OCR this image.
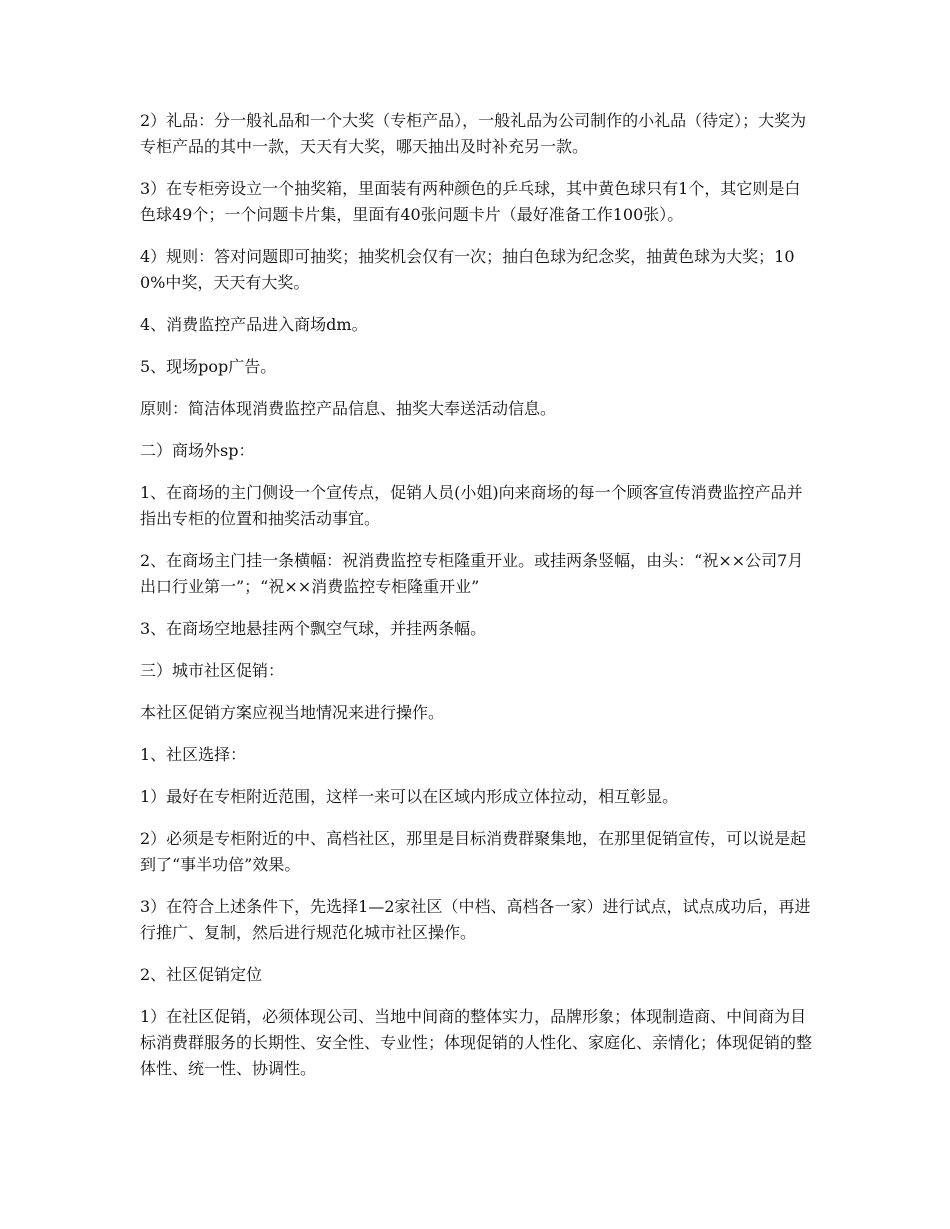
2）礼品：分一般礼品和一个大奖（专柜产品），一般礼品为公司制作的小礼品（待定）；大奖为专柜产品的其中一款，天天有大奖，哪天抽出及时补充另一款。

3）在专柜旁设立一个抽奖箱，里面装有两种颜色的乒乓球，其中黄色球只有1个，其它则是白色球49个；一个问题卡片集，里面有40张问题卡片（最好准备工作100张）。

4）规则：答对问题即可抽奖；抽奖机会仅有一次；抽白色球为纪念奖，抽黄色球为大奖；100%中奖，天天有大奖。

4、消费监控产品进入商场dm。

5、现场pop广告。

原则：简洁体现消费监控产品信息、抽奖大奉送活动信息。

二）商场外sp：

1、在商场的主门侧设一个宣传点，促销人员(小姐)向来商场的每一个顾客宣传消费监控产品并指出专柜的位置和抽奖活动事宜。

2、在商场主门挂一条横幅：祝消费监控专柜隆重开业。或挂两条竖幅，由头：“祝××公司7月出口行业第一”；“祝××消费监控专柜隆重开业”

3、在商场空地悬挂两个飘空气球，并挂两条幅。

三）城市社区促销：

本社区促销方案应视当地情况来进行操作。

1、社区选择：

1）最好在专柜附近范围，这样一来可以在区域内形成立体拉动，相互彰显。

2）必须是专柜附近的中、高档社区，那里是目标消费群聚集地，在那里促销宣传，可以说是起到了“事半功倍”效果。

3）在符合上述条件下，先选择1—2家社区（中档、高档各一家）进行试点，试点成功后，再进行推广、复制，然后进行规范化城市社区操作。

2、社区促销定位

1）在社区促销，必须体现公司、当地中间商的整体实力，品牌形象；体现制造商、中间商为目标消费群服务的长期性、安全性、专业性；体现促销的人性化、家庭化、亲情化；体现促销的整体性、统一性、协调性。
